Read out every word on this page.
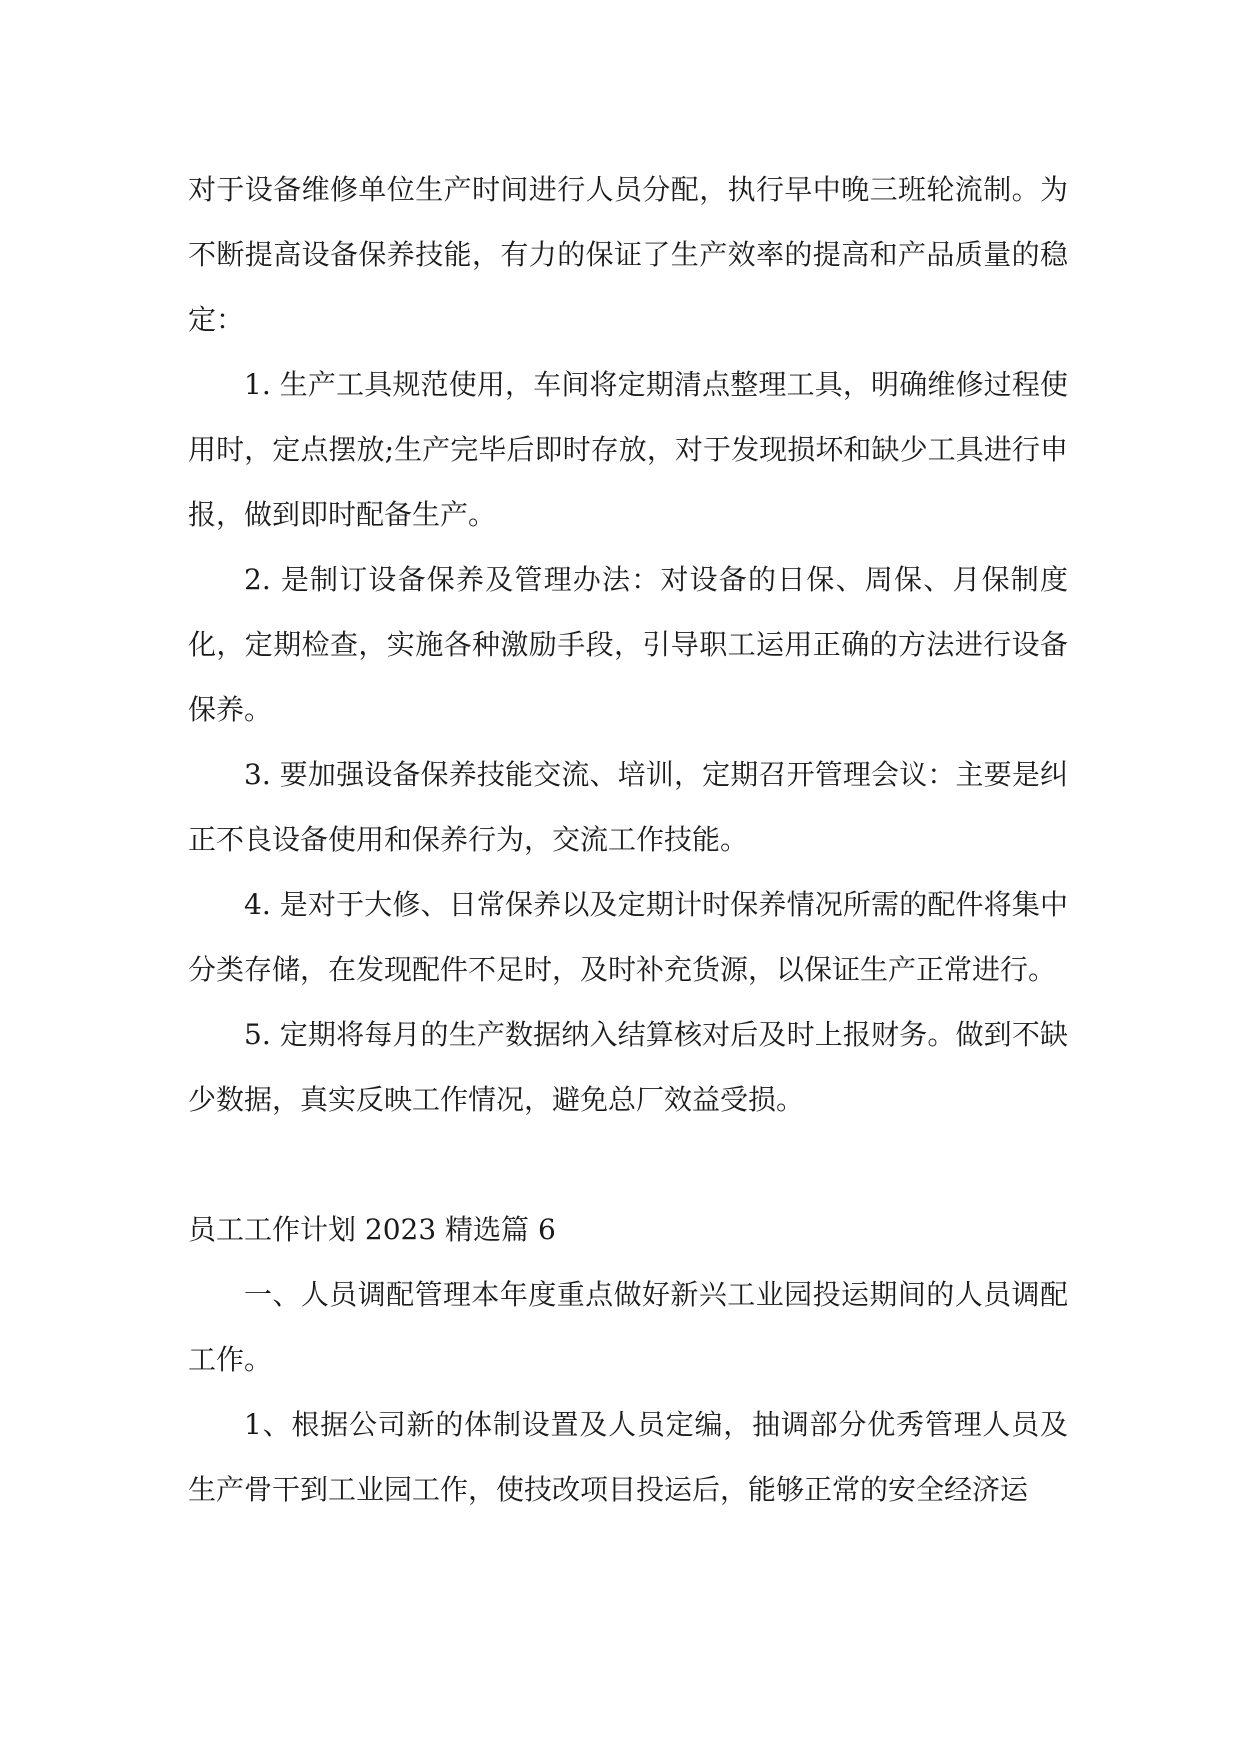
对于设备维修单位生产时间进行人员分配，执行早中晚三班轮流制。为不断提高设备保养技能，有力的保证了生产效率的提高和产品质量的稳定：

1. 生产工具规范使用，车间将定期清点整理工具，明确维修过程使用时，定点摆放;生产完毕后即时存放，对于发现损坏和缺少工具进行申报，做到即时配备生产。

2. 是制订设备保养及管理办法：对设备的日保、周保、月保制度化，定期检查，实施各种激励手段，引导职工运用正确的方法进行设备保养。

3. 要加强设备保养技能交流、培训，定期召开管理会议：主要是纠正不良设备使用和保养行为，交流工作技能。

4. 是对于大修、日常保养以及定期计时保养情况所需的配件将集中分类存储，在发现配件不足时，及时补充货源，以保证生产正常进行。

5. 定期将每月的生产数据纳入结算核对后及时上报财务。做到不缺少数据，真实反映工作情况，避免总厂效益受损。

员工工作计划 2023 精选篇 6

一、人员调配管理本年度重点做好新兴工业园投运期间的人员调配工作。

1、根据公司新的体制设置及人员定编，抽调部分优秀管理人员及生产骨干到工业园工作，使技改项目投运后，能够正常的安全经济运
